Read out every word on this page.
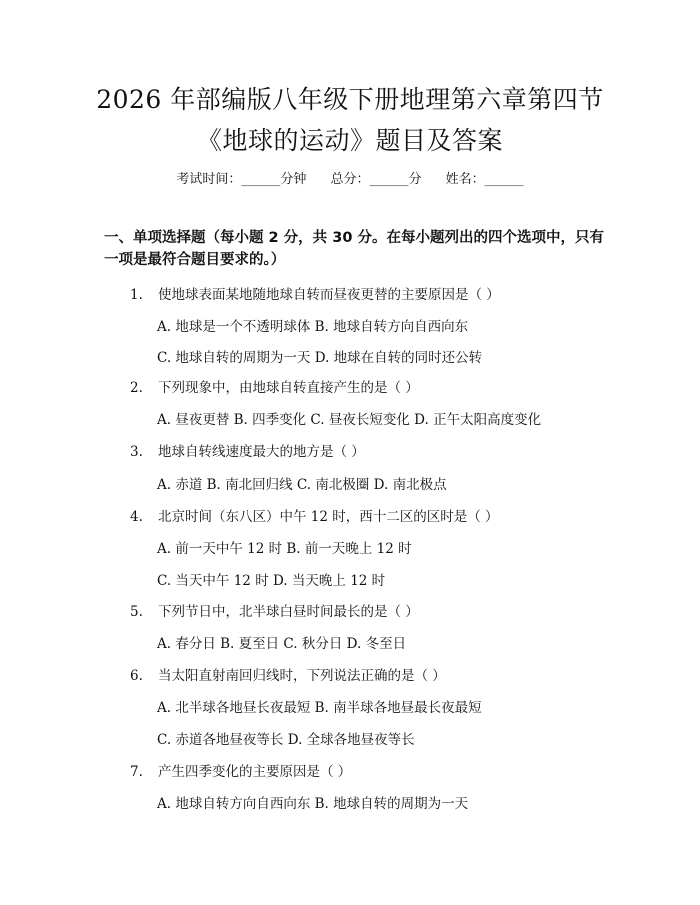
2026 年部编版八年级下册地理第六章第四节
《地球的运动》题目及答案
考试时间：______分钟 总分：______分 姓名：______
一、单项选择题（每小题 2 分，共 30 分。在每小题列出的四个选项中，只有一项是最符合题目要求的。）
1. 使地球表面某地随地球自转而昼夜更替的主要原因是（ ）
A. 地球是一个不透明球体 B. 地球自转方向自西向东
C. 地球自转的周期为一天 D. 地球在自转的同时还公转
2. 下列现象中，由地球自转直接产生的是（ ）
A. 昼夜更替 B. 四季变化 C. 昼夜长短变化 D. 正午太阳高度变化
3. 地球自转线速度最大的地方是（ ）
A. 赤道 B. 南北回归线 C. 南北极圈 D. 南北极点
4. 北京时间（东八区）中午 12 时，西十二区的区时是（ ）
A. 前一天中午 12 时 B. 前一天晚上 12 时
C. 当天中午 12 时 D. 当天晚上 12 时
5. 下列节日中，北半球白昼时间最长的是（ ）
A. 春分日 B. 夏至日 C. 秋分日 D. 冬至日
6. 当太阳直射南回归线时，下列说法正确的是（ ）
A. 北半球各地昼长夜最短 B. 南半球各地昼最长夜最短
C. 赤道各地昼夜等长 D. 全球各地昼夜等长
7. 产生四季变化的主要原因是（ ）
A. 地球自转方向自西向东 B. 地球自转的周期为一天
